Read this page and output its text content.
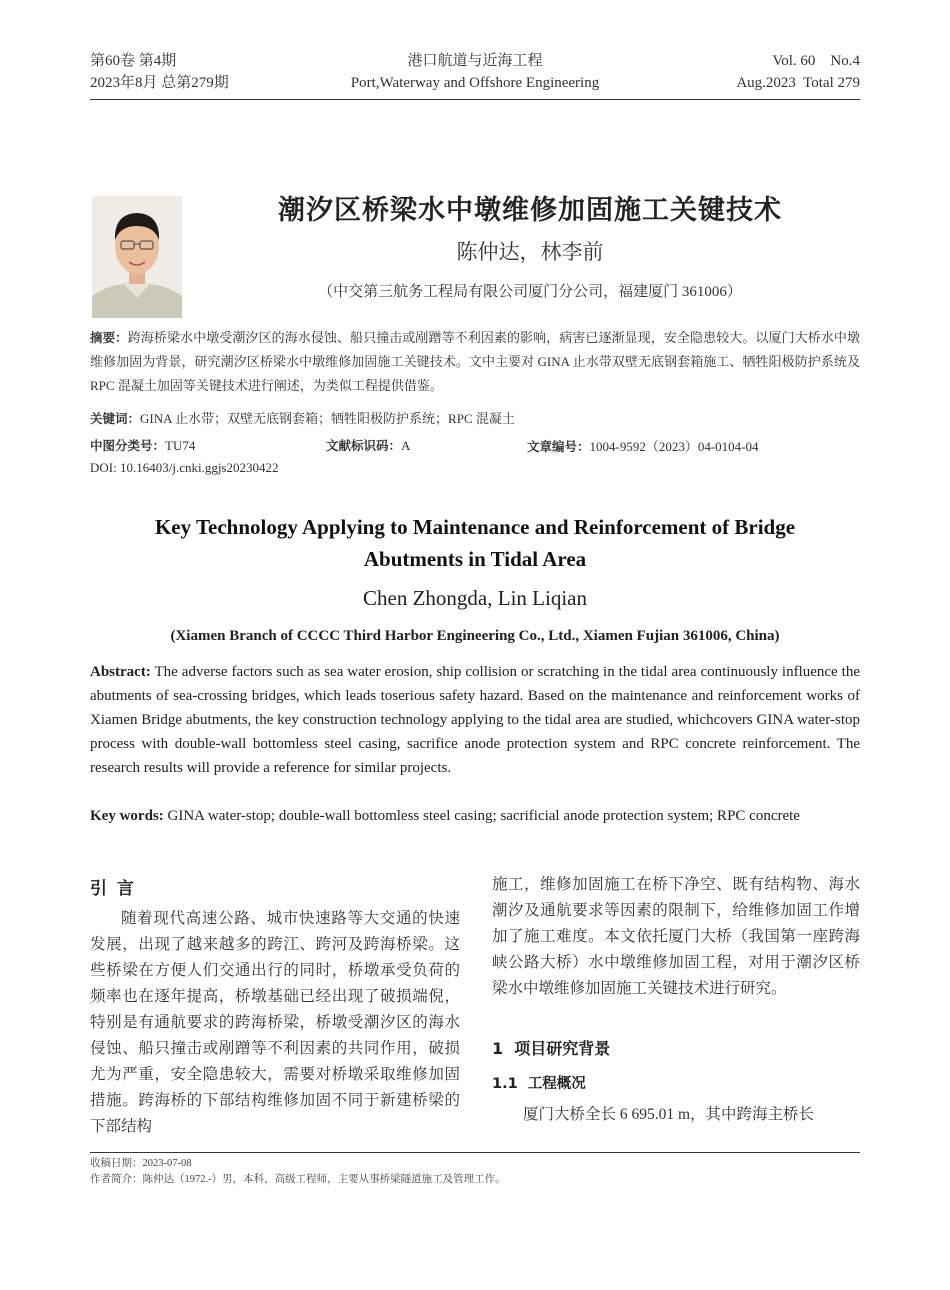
第60卷 第4期
2023年8月 总第279期
港口航道与近海工程
Port,Waterway and Offshore Engineering
Vol. 60    No.4
Aug.2023  Total 279
潮汐区桥梁水中墩维修加固施工关键技术
陈仲达，林李前
（中交第三航务工程局有限公司厦门分公司，福建厦门 361006）
摘要：跨海桥梁水中墩受潮汐区的海水侵蚀、船只撞击或剐蹭等不利因素的影响，病害已逐渐显现，安全隐患较大。以厦门大桥水中墩维修加固为背景，研究潮汐区桥梁水中墩维修加固施工关键技术。文中主要对 GINA 止水带双壁无底钢套箱施工、牺牲阳极防护系统及 RPC 混凝土加固等关键技术进行阐述，为类似工程提供借鉴。
关键词：GINA 止水带；双壁无底钢套箱；牺牲阳极防护系统；RPC 混凝土
中图分类号：TU74	文献标识码：A	文章编号：1004-9592（2023）04-0104-04
DOI: 10.16403/j.cnki.ggjs20230422
Key Technology Applying to Maintenance and Reinforcement of Bridge
Abutments in Tidal Area
Chen Zhongda, Lin Liqian
(Xiamen Branch of CCCC Third Harbor Engineering Co., Ltd., Xiamen Fujian 361006, China)
Abstract: The adverse factors such as sea water erosion, ship collision or scratching in the tidal area continuously influence the abutments of sea-crossing bridges, which leads toserious safety hazard. Based on the maintenance and reinforcement works of Xiamen Bridge abutments, the key construction technology applying to the tidal area are studied, whichcovers GINA water-stop process with double-wall bottomless steel casing, sacrifice anode protection system and RPC concrete reinforcement. The research results will provide a reference for similar projects.
Key words: GINA water-stop; double-wall bottomless steel casing; sacrificial anode protection system; RPC concrete
引 言

随着现代高速公路、城市快速路等大交通的快速发展，出现了越来越多的跨江、跨河及跨海桥梁。这些桥梁在方便人们交通出行的同时，桥墩承受负荷的频率也在逐年提高，桥墩基础已经出现了破损端倪，特别是有通航要求的跨海桥梁，桥墩受潮汐区的海水侵蚀、船只撞击或剐蹭等不利因素的共同作用，破损尤为严重，安全隐患较大，需要对桥墩采取维修加固措施。跨海桥的下部结构维修加固不同于新建桥梁的下部结构

施工，维修加固施工在桥下净空、既有结构物、海水潮汐及通航要求等因素的限制下，给维修加固工作增加了施工难度。本文依托厦门大桥（我国第一座跨海峡公路大桥）水中墩维修加固工程，对用于潮汐区桥梁水中墩维修加固施工关键技术进行研究。

1  项目研究背景
1.1  工程概况

厦门大桥全长 6 695.01 m，其中跨海主桥长

收稿日期：2023-07-08
作者简介：陈仲达（1972.-）男，本科，高级工程师，主要从事桥梁隧道施工及管理工作。
